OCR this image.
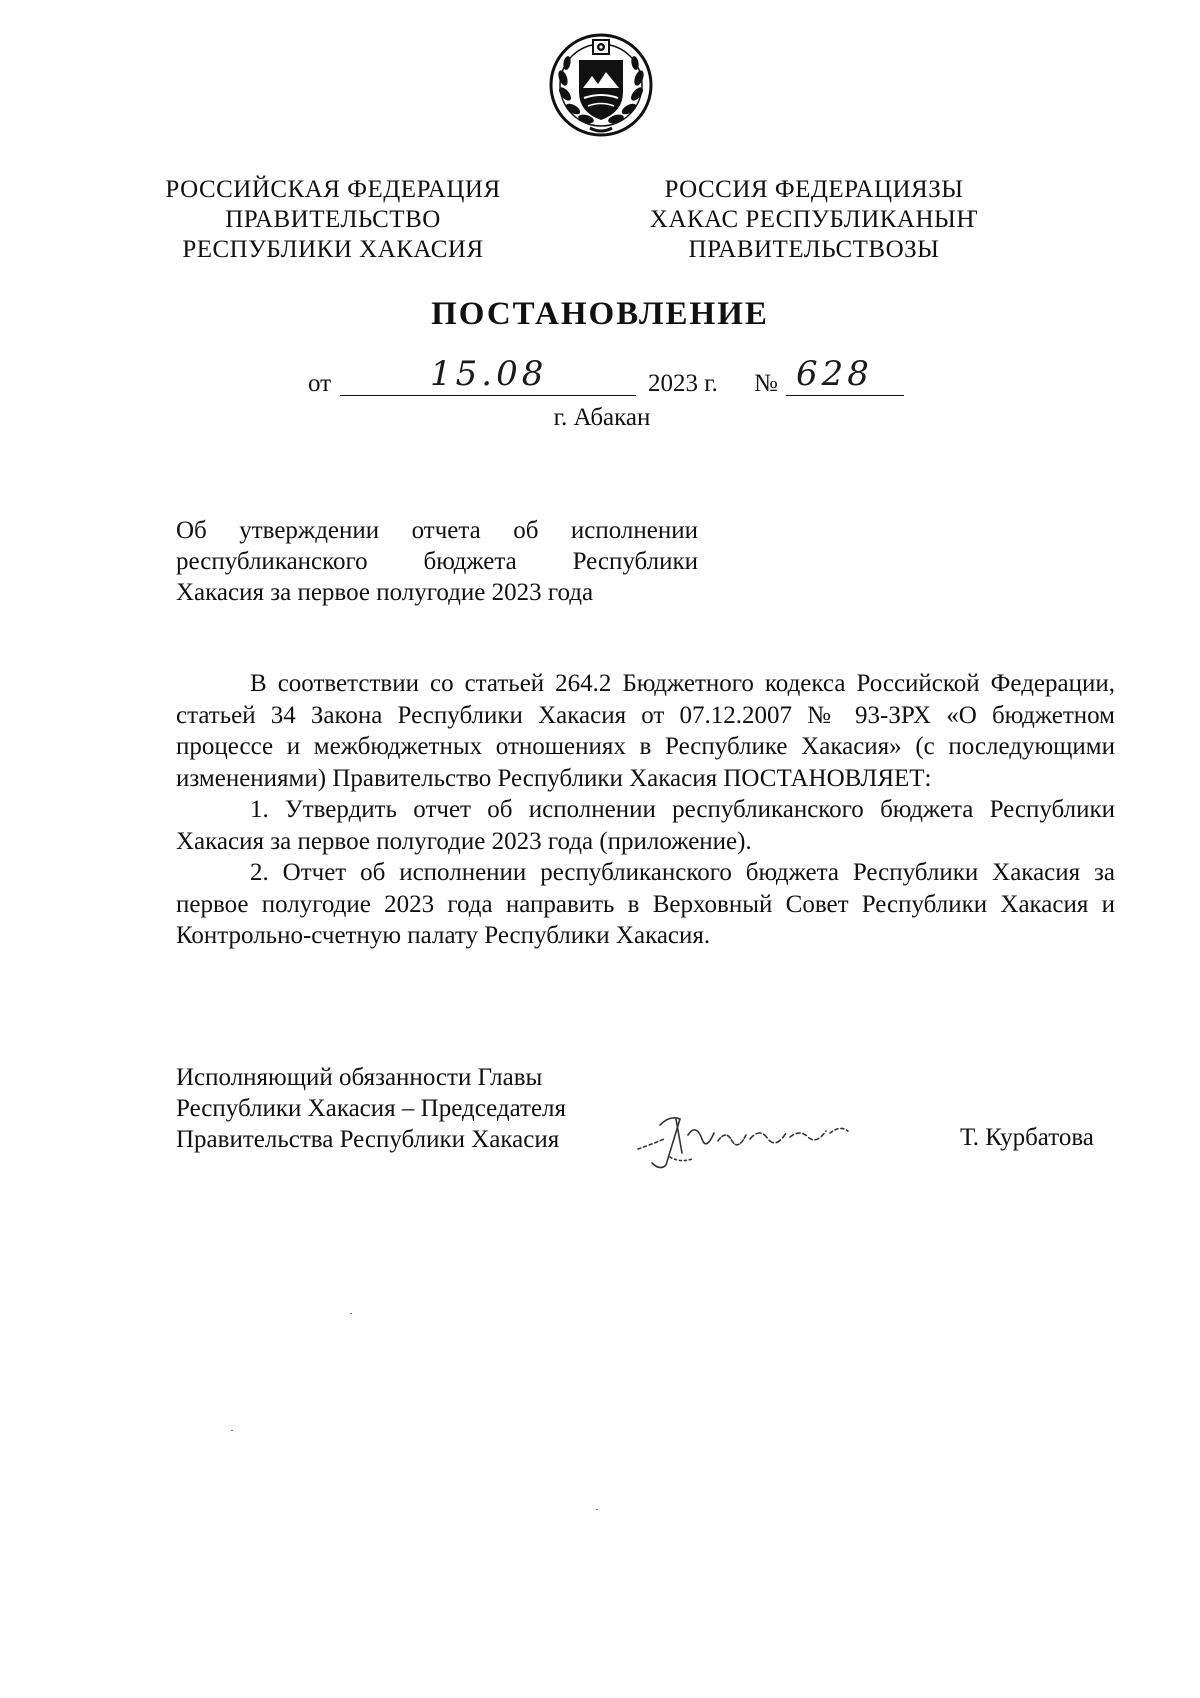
РОССИЙСКАЯ ФЕДЕРАЦИЯ
ПРАВИТЕЛЬСТВО
РЕСПУБЛИКИ ХАКАСИЯ
РОССИЯ ФЕДЕРАЦИЯЗЫ
ХАКАС РЕСПУБЛИКАНЫҤ
ПРАВИТЕЛЬСТВОЗЫ
ПОСТАНОВЛЕНИЕ
от	15.08	2023 г. № 628
г. Абакан
Об утверждении отчета об исполнении
республиканского бюджета Республики
Хакасия за первое полугодие 2023 года

В соответствии со статьей 264.2 Бюджетного кодекса Российской Федерации, статьей 34 Закона Республики Хакасия от 07.12.2007 № 93-ЗРХ «О бюджетном процессе и межбюджетных отношениях в Республике Хакасия» (с последующими изменениями) Правительство Республики Хакасия ПОСТАНОВЛЯЕТ:

1. Утвердить отчет об исполнении республиканского бюджета Республики Хакасия за первое полугодие 2023 года (приложение).

2. Отчет об исполнении республиканского бюджета Республики Хакасия за первое полугодие 2023 года направить в Верховный Совет Республики Хакасия и Контрольно-счетную палату Республики Хакасия.

Исполняющий обязанности Главы
Республики Хакасия – Председателя
Правительства Республики Хакасия	Т. Курбатова
